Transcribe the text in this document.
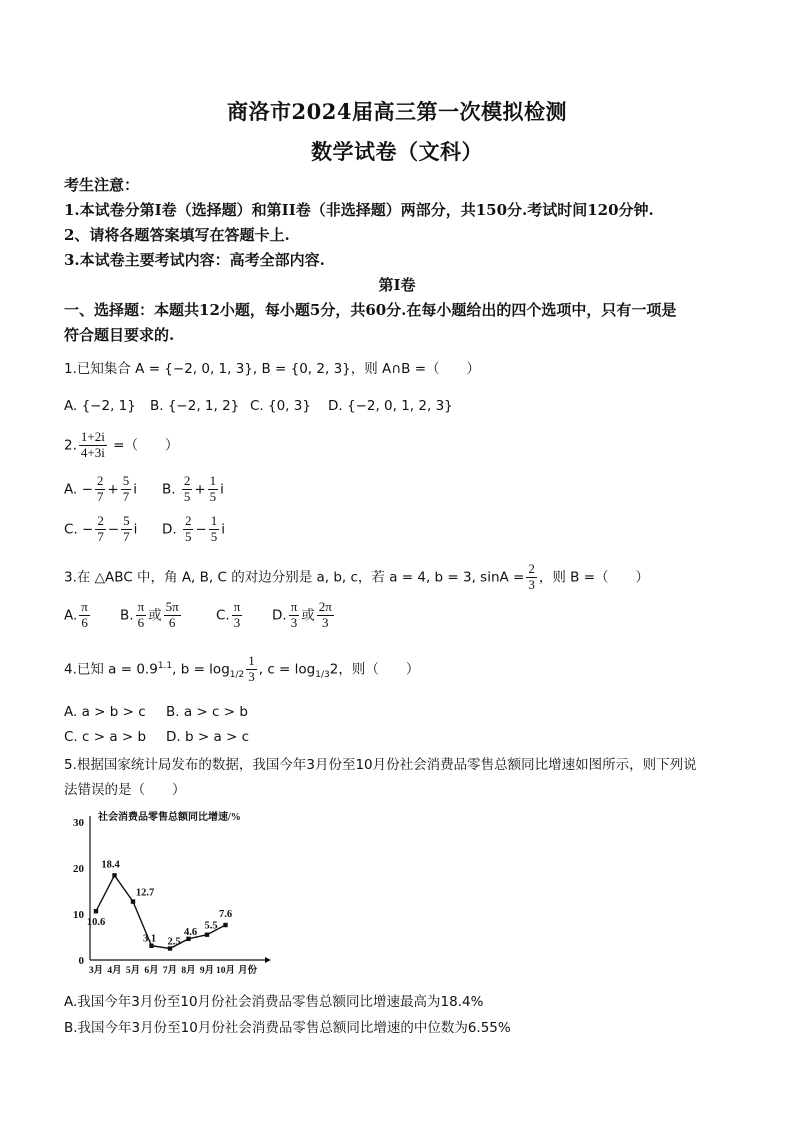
商洛市2024届高三第一次模拟检测
数学试卷（文科）
考生注意：
1.本试卷分第I卷（选择题）和第II卷（非选择题）两部分，共150分.考试时间120分钟.
2、请将各题答案填写在答题卡上.
3.本试卷主要考试内容：高考全部内容.
第I卷
一、选择题：本题共12小题，每小题5分，共60分.在每小题给出的四个选项中，只有一项是
符合题目要求的.
1.已知集合 A = {−2, 0, 1, 3}, B = {0, 2, 3}，则 A∩B =（　　）
A. {−2, 1} B. {−2, 1, 2} C. {0, 3} D. {−2, 0, 1, 2, 3}
2. $\frac{1+2i}{4+3i}$ =（　　）
A. − $\frac{2}{7} + \frac{5}{7}$ i B. $\frac{2}{5} + \frac{1}{5}$ i
C. − $\frac{2}{7} - \frac{5}{7}$ i D. $\frac{2}{5} - \frac{1}{5}$ i
3.在 △ABC 中，角 A, B, C 的对边分别是 a, b, c，若 a = 4, b = 3, $\sin A = \frac{2}{3}$ ，则 B =（　　）
A. $\frac{\pi}{6} B$. $\frac{\pi}{6}$ 或 $\frac{5\pi}{6}$	C. $\frac{\pi}{3} D$. $\frac{\pi}{3}$ 或 $\frac{2\pi}{3}$
4.已知 $a = 0.9^{1.1}$, $b = \log_{1/2} \frac{1}{3}$ , $c = \log_{1/3}2$，则（　　）
A. a > b > c B. a > c > b
C. c > a > b D. b > a > c
5.根据国家统计局发布的数据，我国今年3月份至10月份社会消费品零售总额同比增速如图所示，则下列说
法错误的是（　　）
0
10
20
30 社会消费品零售总额同比增速/%
10.6
18.4
12.7
3.1 2.5
4.6
5.5
7.6
3月 4月 5月 6月 7月 8月 9月 10月 月份
A.我国今年3月份至10月份社会消费品零售总额同比增速最高为18.4%
B.我国今年3月份至10月份社会消费品零售总额同比增速的中位数为6.55%
